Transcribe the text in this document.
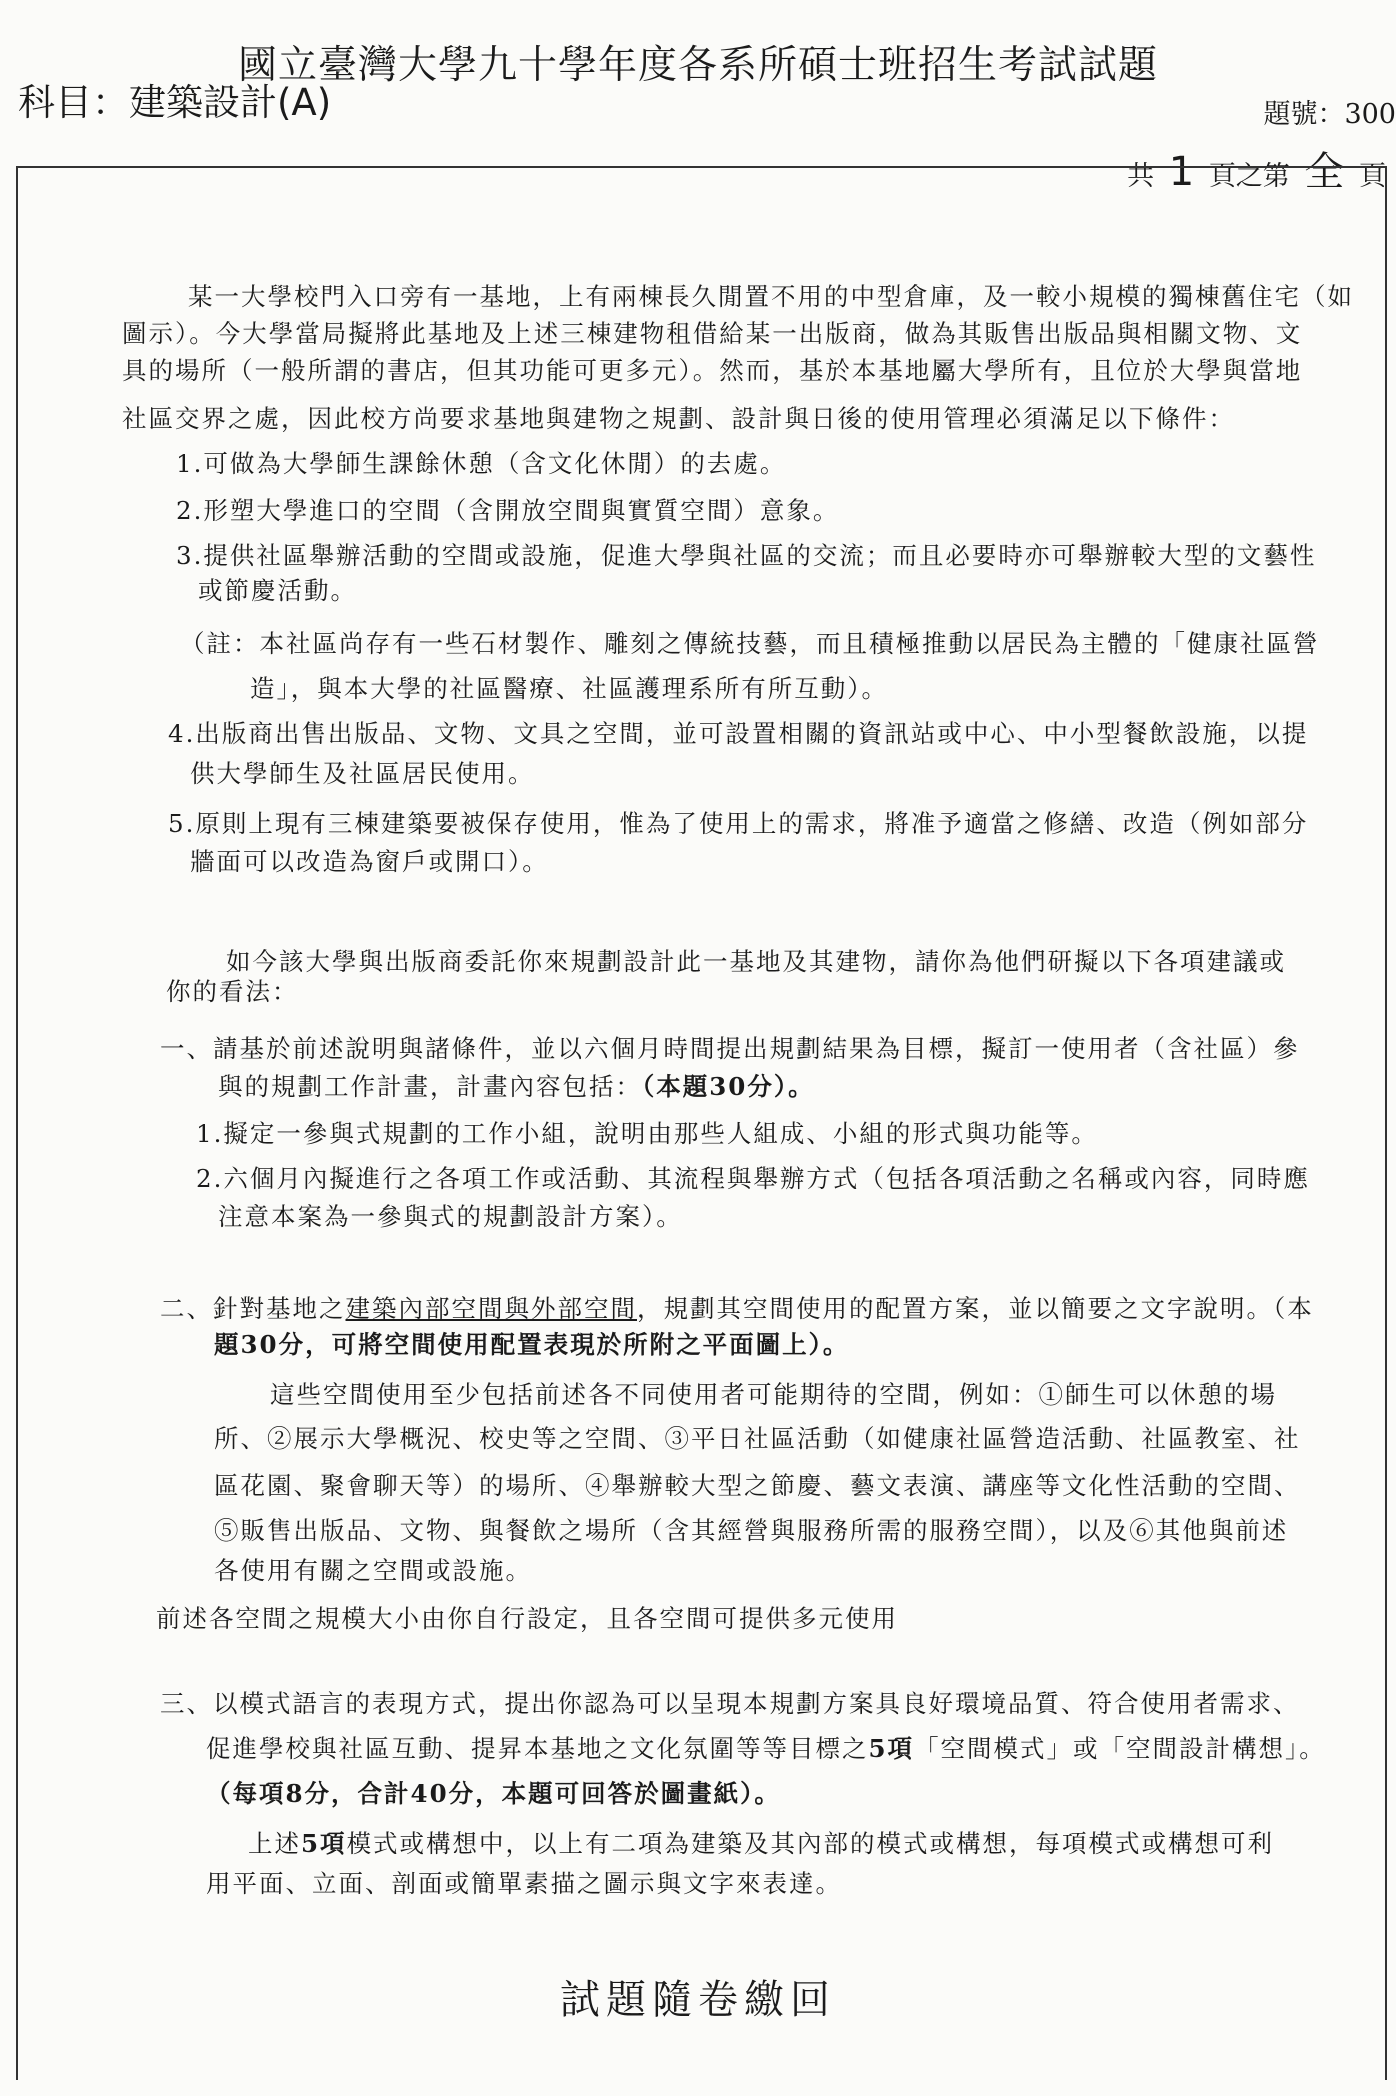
國立臺灣大學九十學年度各系所碩士班招生考試試題
科目：建築設計(A)	題號：300
共 1 頁之第 全 頁
某一大學校門入口旁有一基地，上有兩棟長久閒置不用的中型倉庫，及一較小規模的獨棟舊住宅（如
圖示）。今大學當局擬將此基地及上述三棟建物租借給某一出版商，做為其販售出版品與相關文物、文
具的場所（一般所謂的書店，但其功能可更多元）。然而，基於本基地屬大學所有，且位於大學與當地
社區交界之處，因此校方尚要求基地與建物之規劃、設計與日後的使用管理必須滿足以下條件：
1.可做為大學師生課餘休憩（含文化休閒）的去處。
2.形塑大學進口的空間（含開放空間與實質空間）意象。
3.提供社區舉辦活動的空間或設施，促進大學與社區的交流；而且必要時亦可舉辦較大型的文藝性
或節慶活動。
（註：本社區尚存有一些石材製作、雕刻之傳統技藝，而且積極推動以居民為主體的「健康社區營
造」，與本大學的社區醫療、社區護理系所有所互動）。
4.出版商出售出版品、文物、文具之空間，並可設置相關的資訊站或中心、中小型餐飲設施，以提
供大學師生及社區居民使用。
5.原則上現有三棟建築要被保存使用，惟為了使用上的需求，將准予適當之修繕、改造（例如部分
牆面可以改造為窗戶或開口）。
如今該大學與出版商委託你來規劃設計此一基地及其建物，請你為他們研擬以下各項建議或
你的看法：
一、請基於前述說明與諸條件，並以六個月時間提出規劃結果為目標，擬訂一使用者（含社區）參
與的規劃工作計畫，計畫內容包括：（本題30分）。
1.擬定一參與式規劃的工作小組，說明由那些人組成、小組的形式與功能等。
2.六個月內擬進行之各項工作或活動、其流程與舉辦方式（包括各項活動之名稱或內容，同時應
注意本案為一參與式的規劃設計方案）。
二、針對基地之建築內部空間與外部空間，規劃其空間使用的配置方案，並以簡要之文字說明。（本
題30分，可將空間使用配置表現於所附之平面圖上）。
這些空間使用至少包括前述各不同使用者可能期待的空間，例如：①師生可以休憩的場
所、②展示大學概況、校史等之空間、③平日社區活動（如健康社區營造活動、社區教室、社
區花園、聚會聊天等）的場所、④舉辦較大型之節慶、藝文表演、講座等文化性活動的空間、
⑤販售出版品、文物、與餐飲之場所（含其經營與服務所需的服務空間），以及⑥其他與前述
各使用有關之空間或設施。
前述各空間之規模大小由你自行設定，且各空間可提供多元使用
三、以模式語言的表現方式，提出你認為可以呈現本規劃方案具良好環境品質、符合使用者需求、
促進學校與社區互動、提昇本基地之文化氛圍等等目標之5項「空間模式」或「空間設計構想」。
（每項8分，合計40分，本題可回答於圖畫紙）。
上述5項模式或構想中，以上有二項為建築及其內部的模式或構想，每項模式或構想可利
用平面、立面、剖面或簡單素描之圖示與文字來表達。
試題隨卷繳回
